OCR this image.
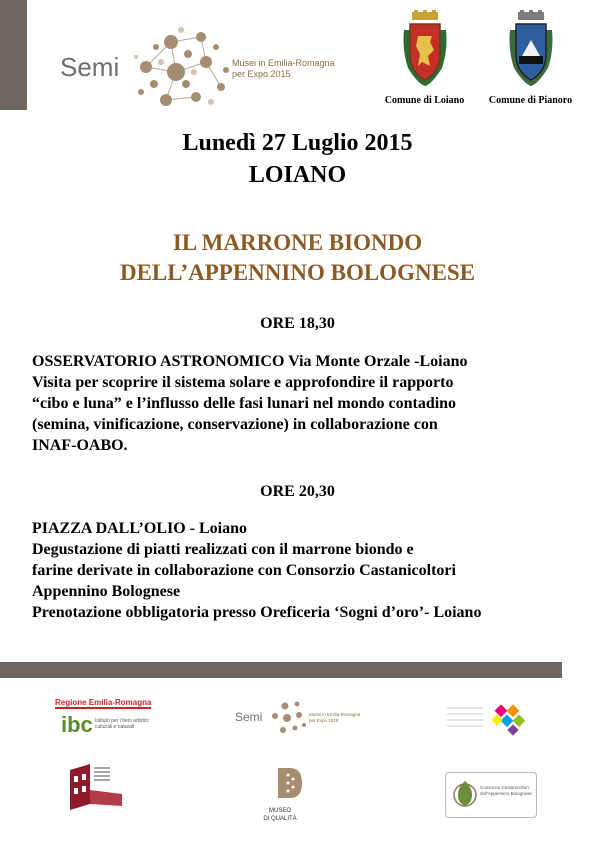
Semi	Musei in Emilia-Romagna
per Expo 2015
Comune di Loiano	Comune di Pianoro
Lunedì 27 Luglio 2015
LOIANO
IL MARRONE BIONDO
DELL’APPENNINO BOLOGNESE
ORE 18,30
OSSERVATORIO ASTRONOMICO Via Monte Orzale -Loiano
Visita per scoprire il sistema solare e approfondire il rapporto
“cibo e luna” e l’influsso delle fasi lunari nel mondo contadino
(semina, vinificazione, conservazione) in collaborazione con
INAF-OABO.
ORE 20,30
PIAZZA DALL’OLIO - Loiano
Degustazione di piatti realizzati con il marrone biondo e
farine derivate in collaborazione con Consorzio Castanicoltori
Appennino Bolognese
Prenotazione obbligatoria presso Oreficeria ‘Sogni d’oro’- Loiano
Regione Emilia-Romagna
ibc Istituto per i beni artistici
culturali e naturali
Semi	Musei in Emilia-Romagna
per Expo 2015
MUSEO
DI QUALITÀ
Consorzio Castanicoltori
dell'Appennino Bolognese
